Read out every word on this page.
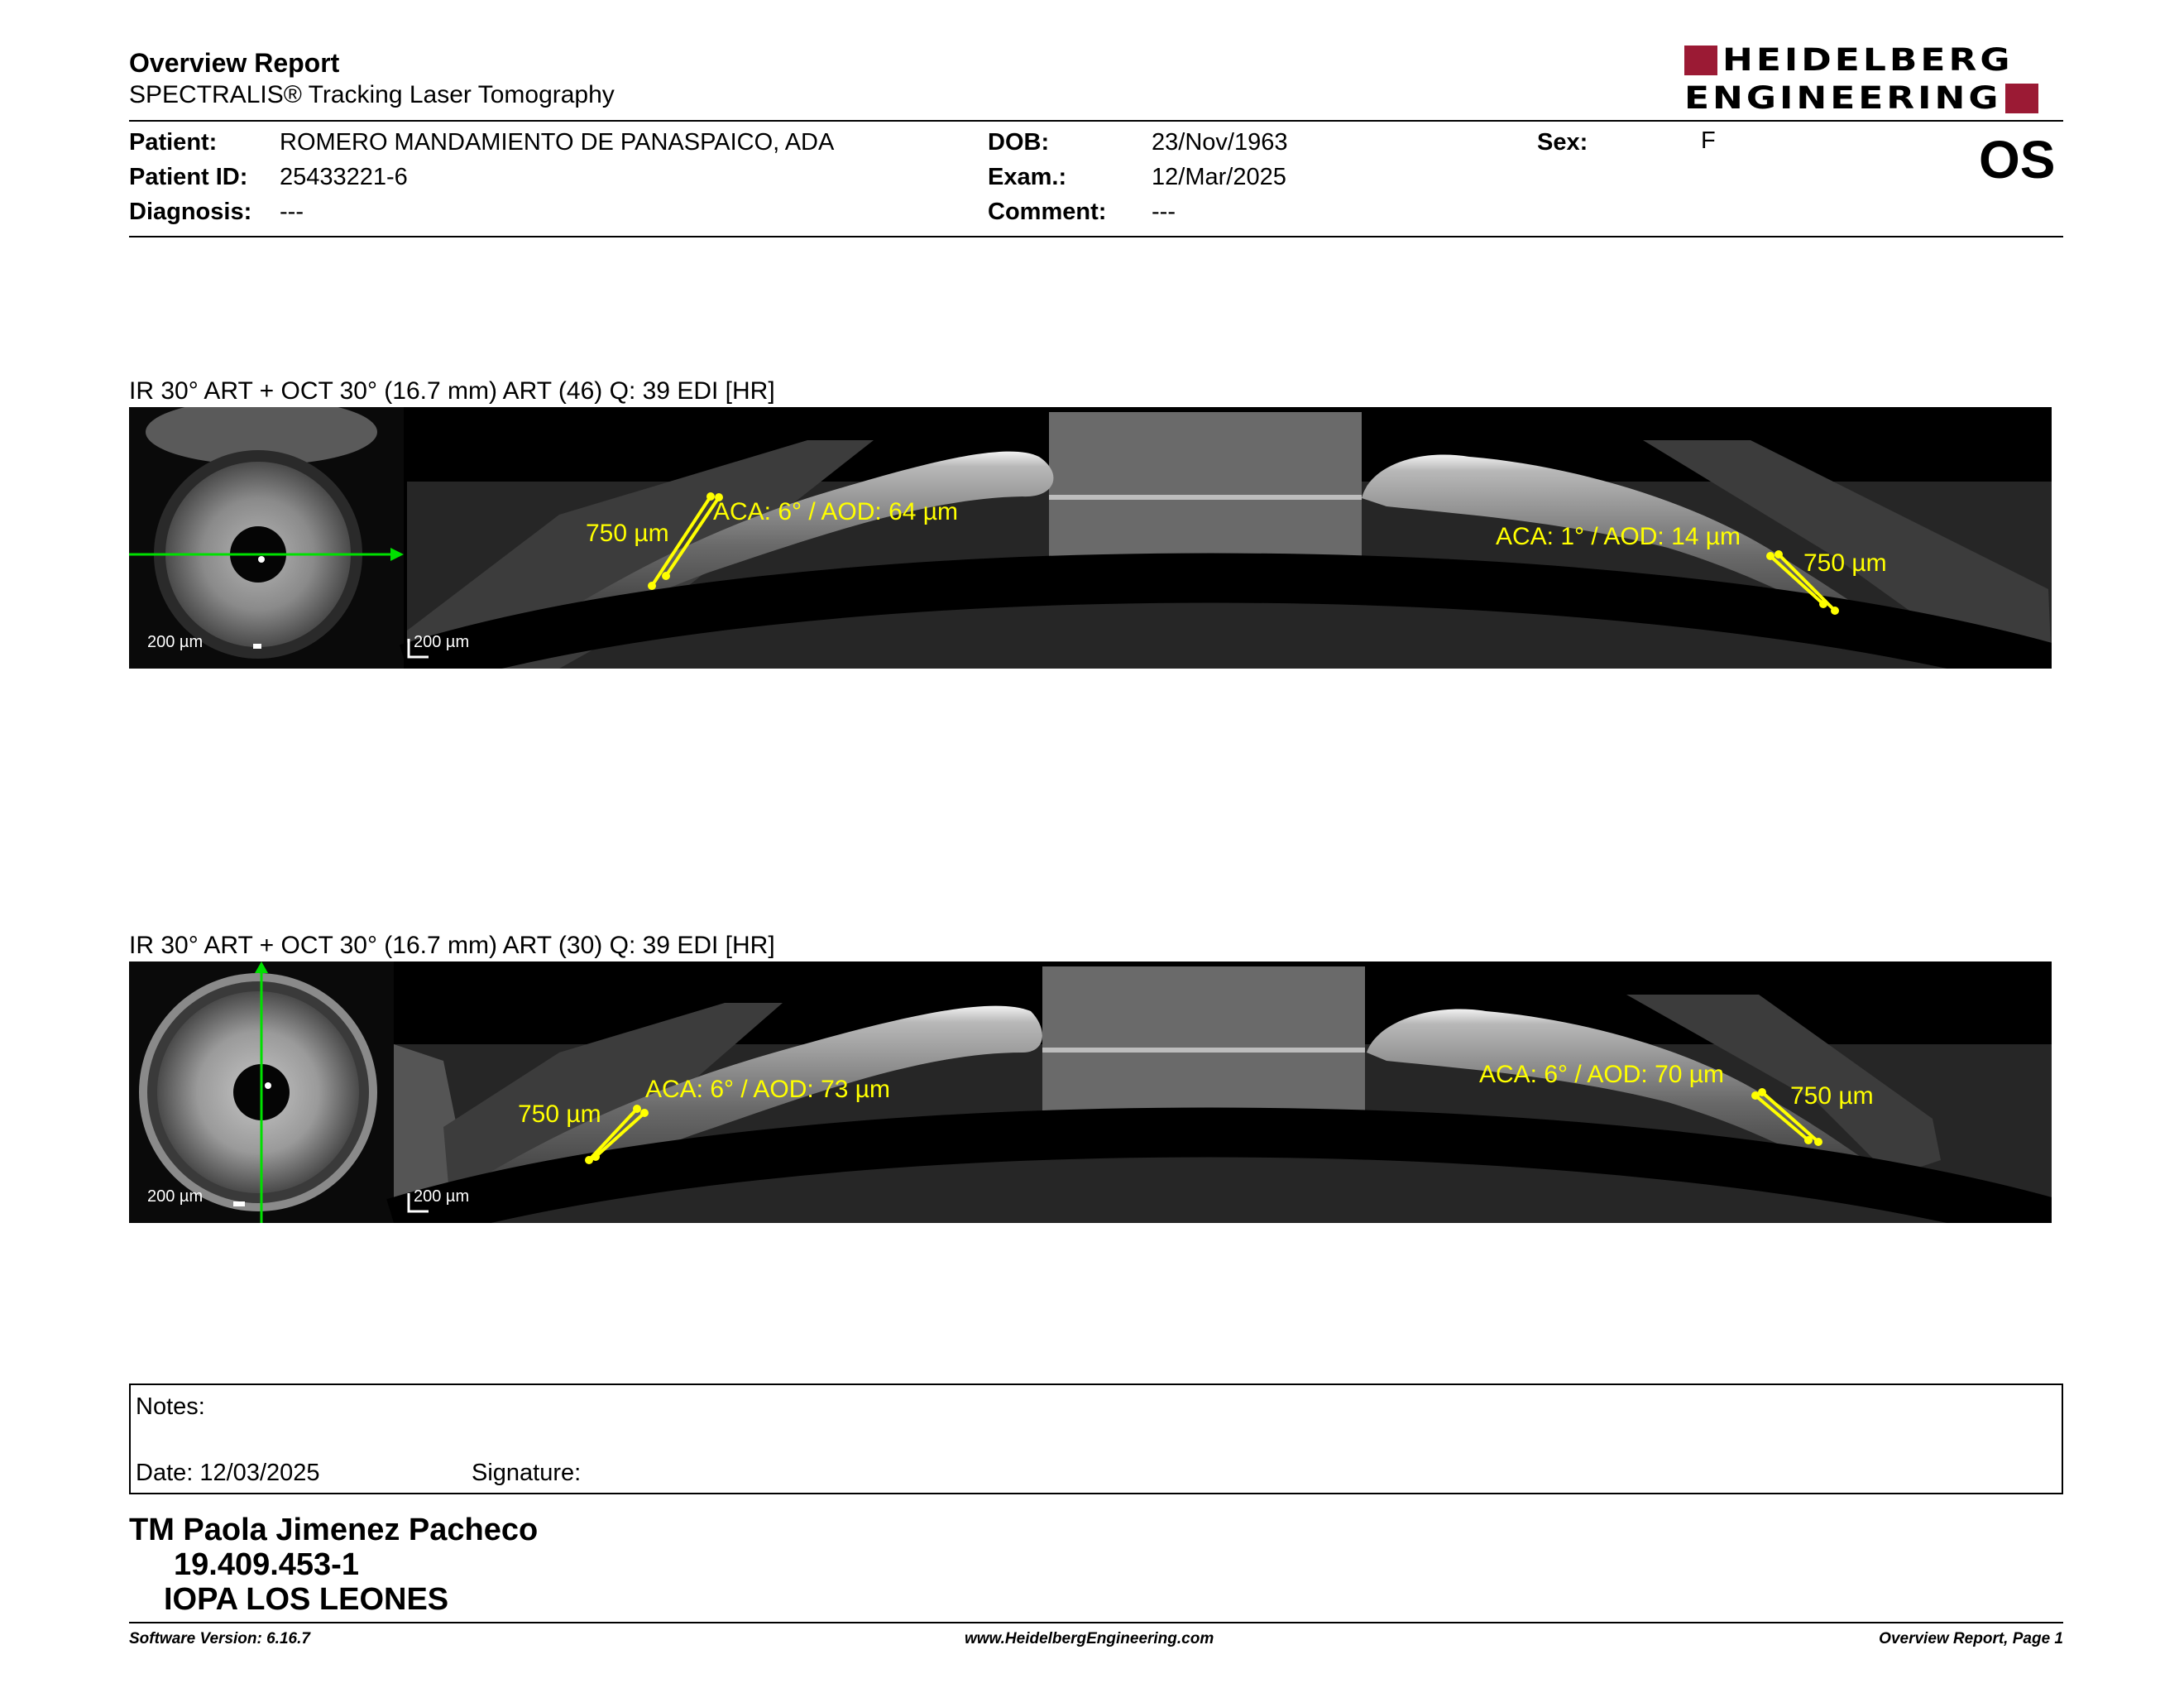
Overview Report
SPECTRALIS® Tracking Laser Tomography
HEIDELBERG
ENGINEERING
Patient:	ROMERO MANDAMIENTO DE PANASPAICO, ADA
Patient ID: 25433221-6
Diagnosis: ---
DOB:	23/Nov/1963
Exam.:	12/Mar/2025
Comment: ---
Sex:	F	OS
IR 30° ART + OCT 30° (16.7 mm) ART (46) Q: 39 EDI [HR]
200 µm
ACA: 6° / AOD: 64 µm
750 µm	ACA: 1° / AOD: 14 µm
750 µm
200 µm
IR 30° ART + OCT 30° (16.7 mm) ART (30) Q: 39 EDI [HR]
200 µm
ACA: 6° / AOD: 73 µm
750 µm
ACA: 6° / AOD: 70 µm
750 µm
200 µm
Notes:
Date: 12/03/2025	Signature:
TM Paola Jimenez Pacheco
19.409.453-1
IOPA LOS LEONES
Software Version: 6.16.7	www.HeidelbergEngineering.com	Overview Report, Page 1
